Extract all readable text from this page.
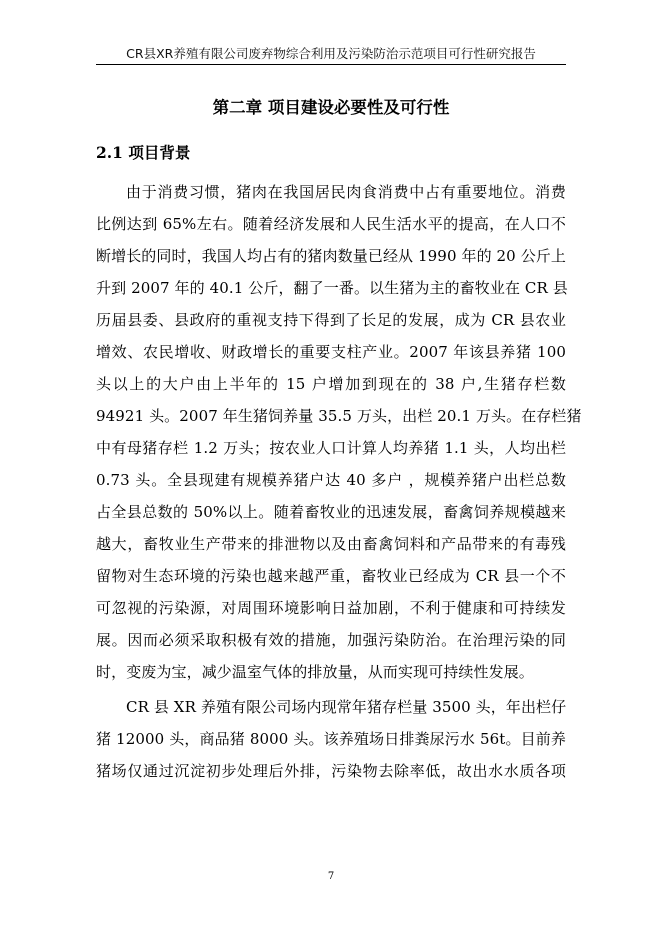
CR县XR养殖有限公司废弃物综合利用及污染防治示范项目可行性研究报告
第二章 项目建设必要性及可行性
2.1 项目背景
由于消费习惯，猪肉在我国居民肉食消费中占有重要地位。消费
比例达到 65%左右。随着经济发展和人民生活水平的提高，在人口不
断增长的同时，我国人均占有的猪肉数量已经从 1990 年的 20 公斤上
升到 2007 年的 40.1 公斤，翻了一番。以生猪为主的畜牧业在 CR 县
历届县委、县政府的重视支持下得到了长足的发展，成为 CR 县农业
增效、农民增收、财政增长的重要支柱产业。2007 年该县养猪 100
头以上的大户由上半年的 15 户增加到现在的 38 户,生猪存栏数
94921 头。2007 年生猪饲养量 35.5 万头，出栏 20.1 万头。在存栏猪
中有母猪存栏 1.2 万头；按农业人口计算人均养猪 1.1 头，人均出栏
0.73 头。全县现建有规模养猪户达 40 多户 ，规模养猪户出栏总数
占全县总数的 50%以上。随着畜牧业的迅速发展，畜禽饲养规模越来
越大，畜牧业生产带来的排泄物以及由畜禽饲料和产品带来的有毒残
留物对生态环境的污染也越来越严重，畜牧业已经成为 CR 县一个不
可忽视的污染源，对周围环境影响日益加剧，不利于健康和可持续发
展。因而必须采取积极有效的措施，加强污染防治。在治理污染的同
时，变废为宝，减少温室气体的排放量，从而实现可持续性发展。
CR 县 XR 养殖有限公司场内现常年猪存栏量 3500 头，年出栏仔
猪 12000 头，商品猪 8000 头。该养殖场日排粪尿污水 56t。目前养
猪场仅通过沉淀初步处理后外排，污染物去除率低，故出水水质各项
7
